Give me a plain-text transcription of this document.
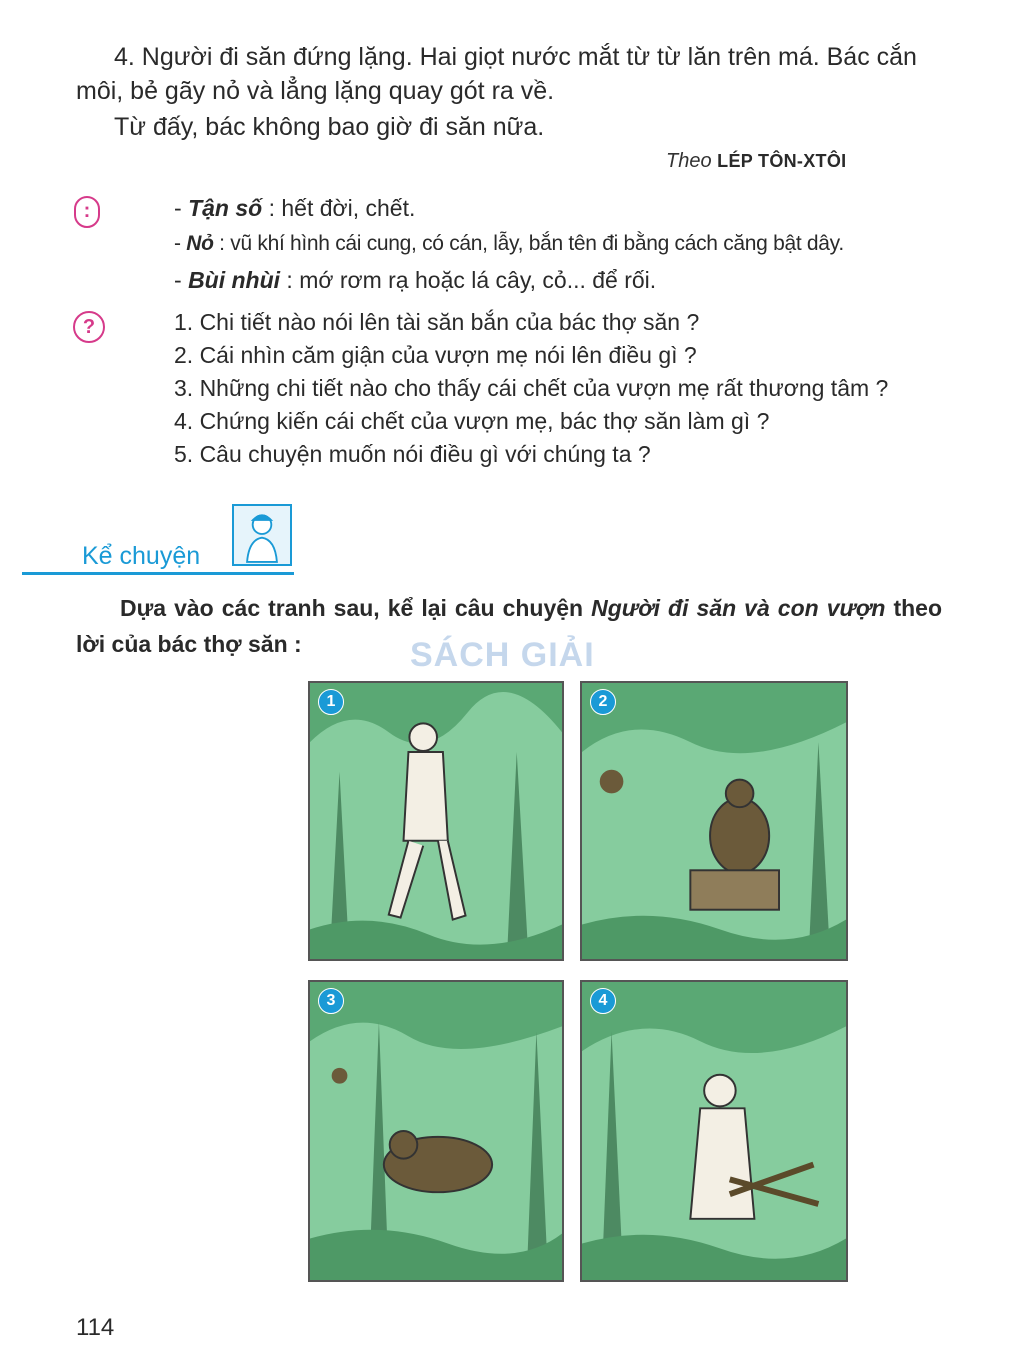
4. Người đi săn đứng lặng. Hai giọt nước mắt từ từ lăn trên má. Bác cắn môi, bẻ gãy nỏ và lẳng lặng quay gót ra về.

Từ đấy, bác không bao giờ đi săn nữa.

Theo LÉP TÔN-XTÔI
:	- Tận số : hết đời, chết.
- Nỏ : vũ khí hình cái cung, có cán, lẫy, bắn tên đi bằng cách căng bật dây.
- Bùi nhùi : mớ rơm rạ hoặc lá cây, cỏ... để rối.
?	1. Chi tiết nào nói lên tài săn bắn của bác thợ săn ?
2. Cái nhìn căm giận của vượn mẹ nói lên điều gì ?
3. Những chi tiết nào cho thấy cái chết của vượn mẹ rất thương tâm ?
4. Chứng kiến cái chết của vượn mẹ, bác thợ săn làm gì ?
5. Câu chuyện muốn nói điều gì với chúng ta ?
Kể chuyện

Dựa vào các tranh sau, kể lại câu chuyện Người đi săn và con vượn theo lời của bác thợ săn :	SÁCH GIẢI
1	2
3	4
114
